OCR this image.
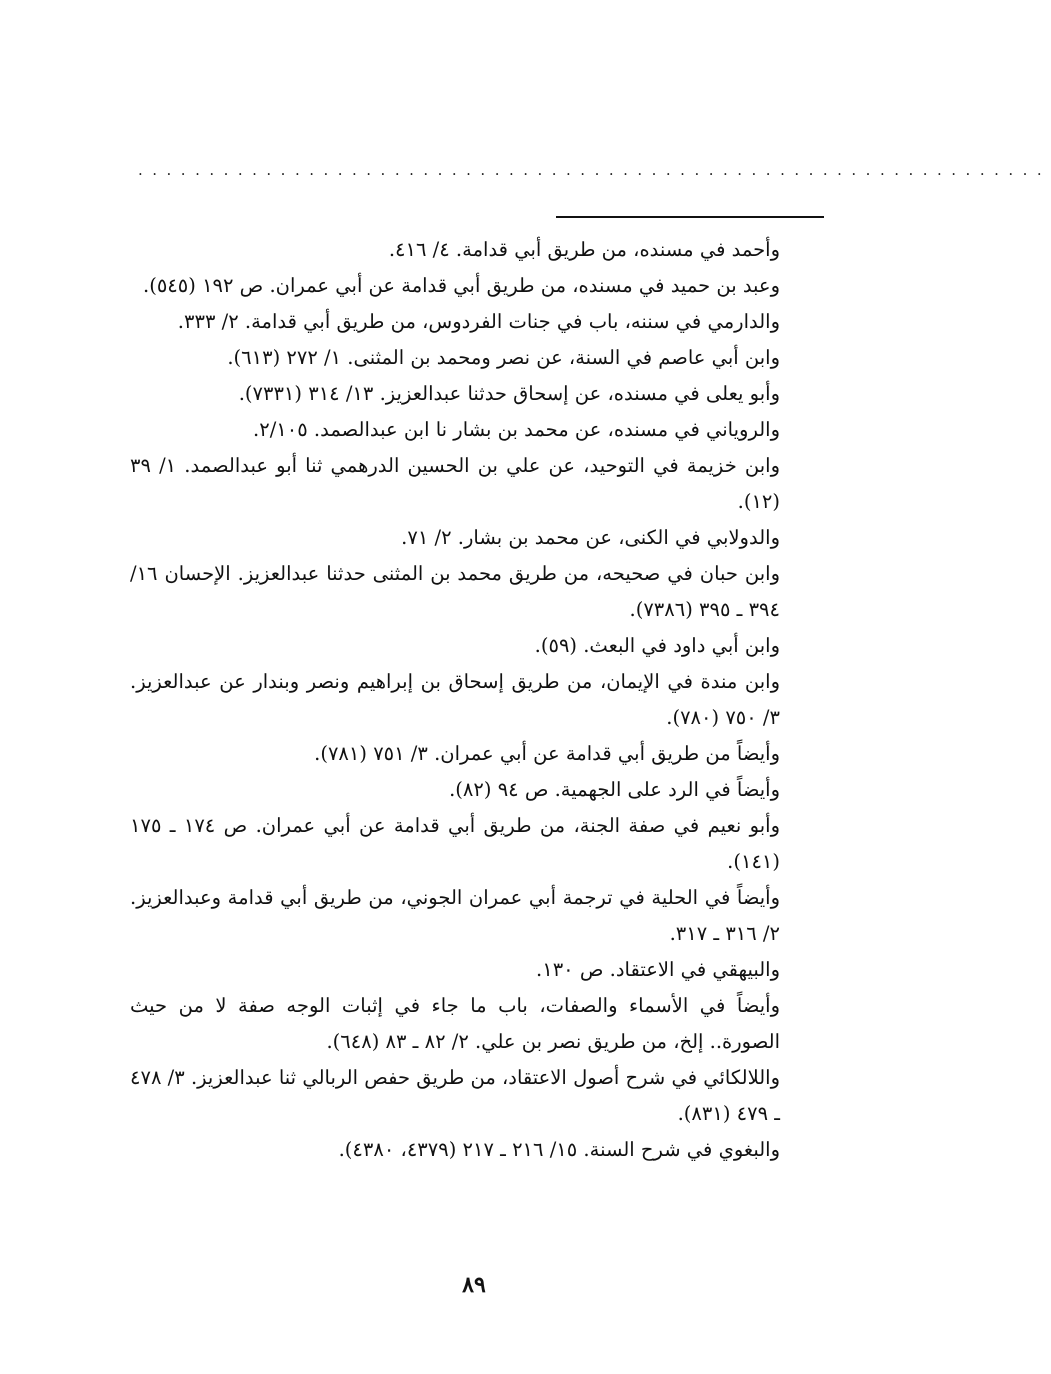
................................................................
وأحمد في مسنده، من طريق أبي قدامة. ٤/ ٤١٦.
وعبد بن حميد في مسنده، من طريق أبي قدامة عن أبي عمران. ص ١٩٢ (٥٤٥).
والدارمي في سننه، باب في جنات الفردوس، من طريق أبي قدامة. ٢/ ٣٣٣.
وابن أبي عاصم في السنة، عن نصر ومحمد بن المثنى. ١/ ٢٧٢ (٦١٣).
وأبو يعلى في مسنده، عن إسحاق حدثنا عبدالعزيز. ١٣/ ٣١٤ (٧٣٣١).
والروياني في مسنده، عن محمد بن بشار نا ابن عبدالصمد. ٢/١٠٥.
وابن خزيمة في التوحيد، عن علي بن الحسين الدرهمي ثنا أبو عبدالصمد. ١/ ٣٩ (١٢).
والدولابي في الكنى، عن محمد بن بشار. ٢/ ٧١.
وابن حبان في صحيحه، من طريق محمد بن المثنى حدثنا عبدالعزيز. الإحسان ١٦/ ٣٩٤ ـ ٣٩٥ (٧٣٨٦).
وابن أبي داود في البعث. (٥٩).
وابن مندة في الإيمان، من طريق إسحاق بن إبراهيم ونصر وبندار عن عبدالعزيز. ٣/ ٧٥٠ (٧٨٠).
وأيضاً من طريق أبي قدامة عن أبي عمران. ٣/ ٧٥١ (٧٨١).
وأيضاً في الرد على الجهمية. ص ٩٤ (٨٢).
وأبو نعيم في صفة الجنة، من طريق أبي قدامة عن أبي عمران. ص ١٧٤ ـ ١٧٥ (١٤١).
وأيضاً في الحلية في ترجمة أبي عمران الجوني، من طريق أبي قدامة وعبدالعزيز. ٢/ ٣١٦ ـ ٣١٧.
والبيهقي في الاعتقاد. ص ١٣٠.
وأيضاً في الأسماء والصفات، باب ما جاء في إثبات الوجه صفة لا من حيث الصورة.. إلخ، من طريق نصر بن علي. ٢/ ٨٢ ـ ٨٣ (٦٤٨).
واللالكائي في شرح أصول الاعتقاد، من طريق حفص الربالي ثنا عبدالعزيز. ٣/ ٤٧٨ ـ ٤٧٩ (٨٣١).
والبغوي في شرح السنة. ١٥/ ٢١٦ ـ ٢١٧ (٤٣٧٩، ٤٣٨٠).
٨٩
